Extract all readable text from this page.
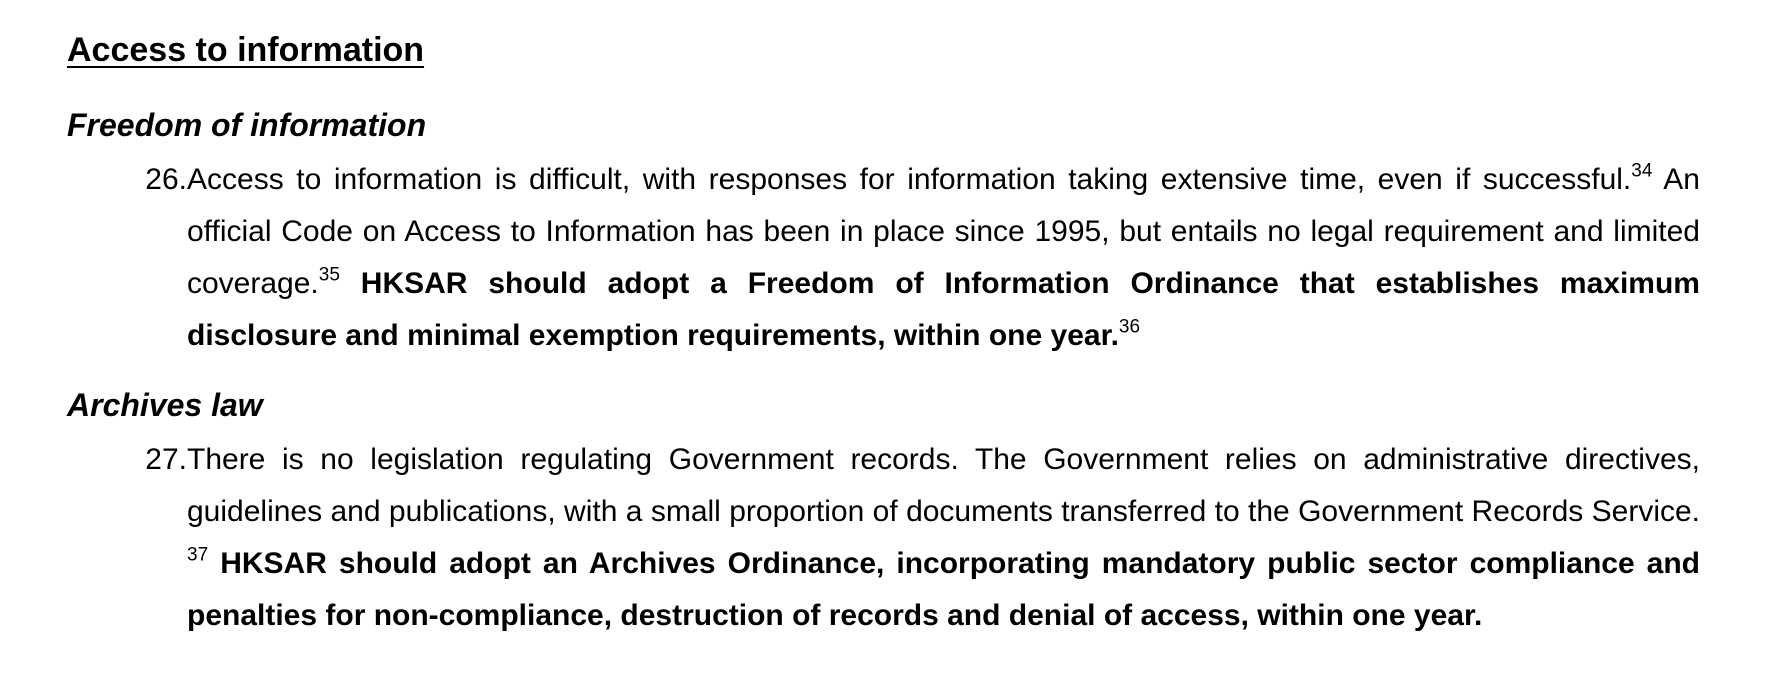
Access to information
Freedom of information
26. Access to information is difficult, with responses for information taking extensive time, even if successful.$^{34}$ An official Code on Access to Information has been in place since 1995, but entails no legal requirement and limited coverage.$^{35}$ HKSAR should adopt a Freedom of Information Ordinance that establishes maximum disclosure and minimal exemption requirements, within one year.$^{36}$
Archives law
27. There is no legislation regulating Government records. The Government relies on administrative directives, guidelines and publications, with a small proportion of documents transferred to the Government Records Service. $^{37}$ HKSAR should adopt an Archives Ordinance, incorporating mandatory public sector compliance and penalties for non-compliance, destruction of records and denial of access, within one year.
